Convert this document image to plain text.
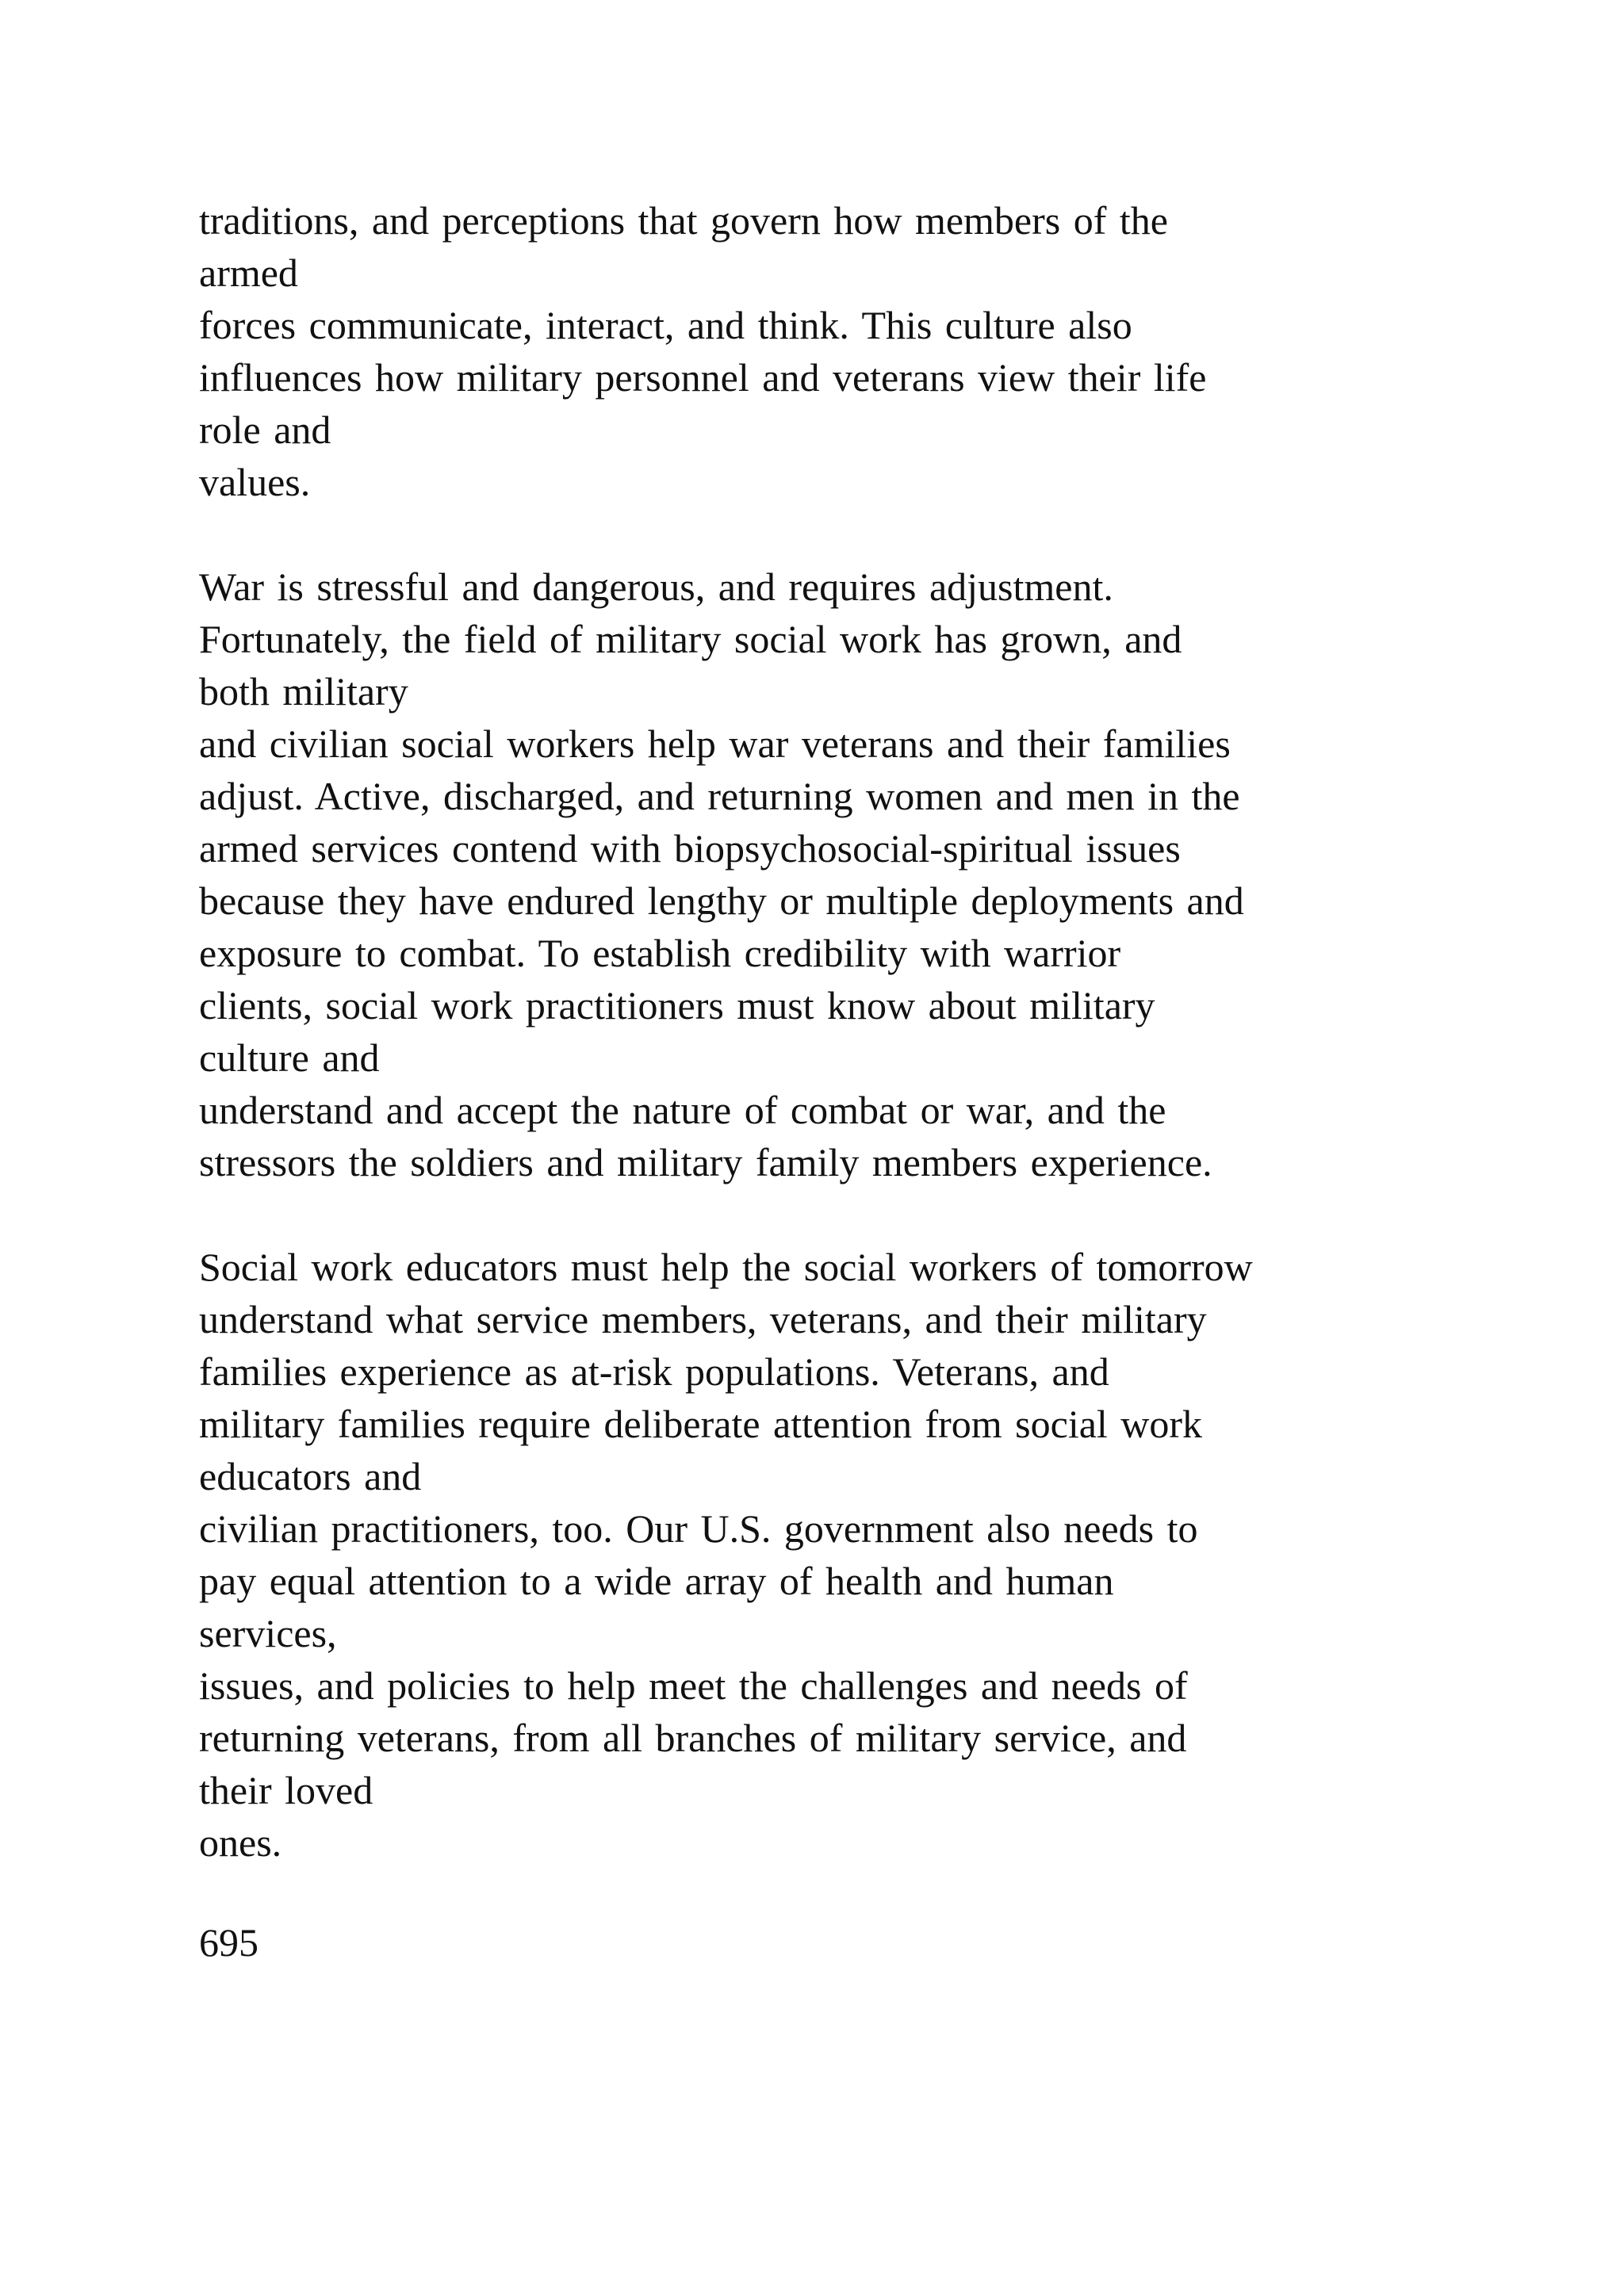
traditions, and perceptions that govern how members of the
armed
forces communicate, interact, and think. This culture also
influences how military personnel and veterans view their life
role and
values.
War is stressful and dangerous, and requires adjustment.
Fortunately, the field of military social work has grown, and
both military
and civilian social workers help war veterans and their families
adjust. Active, discharged, and returning women and men in the
armed services contend with biopsychosocial-spiritual issues
because they have endured lengthy or multiple deployments and
exposure to combat. To establish credibility with warrior
clients, social work practitioners must know about military
culture and
understand and accept the nature of combat or war, and the
stressors the soldiers and military family members experience.
Social work educators must help the social workers of tomorrow
understand what service members, veterans, and their military
families experience as at-risk populations. Veterans, and
military families require deliberate attention from social work
educators and
civilian practitioners, too. Our U.S. government also needs to
pay equal attention to a wide array of health and human
services,
issues, and policies to help meet the challenges and needs of
returning veterans, from all branches of military service, and
their loved
ones.
695
